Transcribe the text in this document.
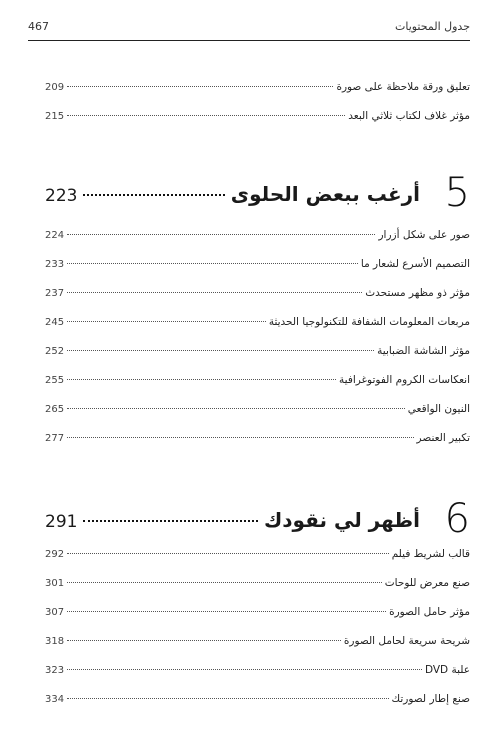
467	جدول المحتويات
تعليق ورقة ملاحظة على صورة
209
مؤثر غلاف لكتاب ثلاثي البعد
215
5
أرغب ببعض الحلوى
223
صور على شكل أزرار
224
التصميم الأسرع لشعار ما
233
مؤثر ذو مظهر مستحدث
237
مربعات المعلومات الشفافة للتكنولوجيا الحديثة
245
مؤثر الشاشة الضبابية
252
انعكاسات الكروم الفوتوغرافية
255
النيون الواقعي
265
تكبير العنصر
277
6
أظهر لي نقودك
291
قالب لشريط فيلم
292
صنع معرض للوحات
301
مؤثر حامل الصورة
307
شريحة سريعة لحامل الصورة
318
علبة DVD
323
صنع إطار لصورتك
334
